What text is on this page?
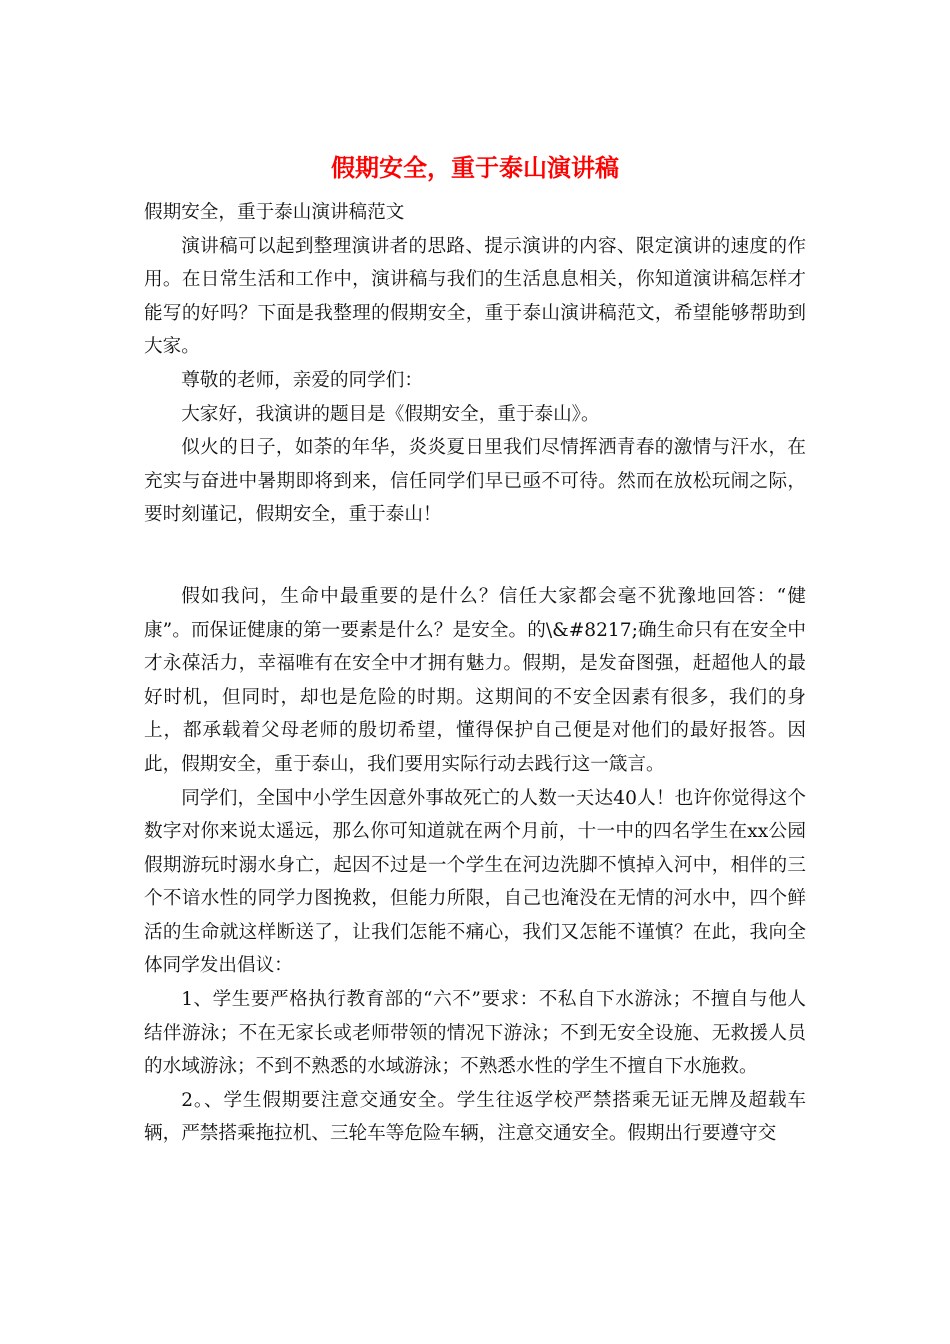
假期安全，重于泰山演讲稿

假期安全，重于泰山演讲稿范文

演讲稿可以起到整理演讲者的思路、提示演讲的内容、限定演讲的速度的作用。在日常生活和工作中，演讲稿与我们的生活息息相关，你知道演讲稿怎样才能写的好吗？下面是我整理的假期安全，重于泰山演讲稿范文，希望能够帮助到大家。

尊敬的老师，亲爱的同学们：

大家好，我演讲的题目是《假期安全，重于泰山》。

似火的日子，如荼的年华，炎炎夏日里我们尽情挥洒青春的激情与汗水，在充实与奋进中暑期即将到来，信任同学们早已亟不可待。然而在放松玩闹之际，要时刻谨记，假期安全，重于泰山！

假如我问，生命中最重要的是什么？信任大家都会毫不犹豫地回答：“健康”。而保证健康的第一要素是什么？是安全。的\&#8217;确生命只有在安全中才永葆活力，幸福唯有在安全中才拥有魅力。假期，是发奋图强，赶超他人的最好时机，但同时，却也是危险的时期。这期间的不安全因素有很多，我们的身上，都承载着父母老师的殷切希望，懂得保护自己便是对他们的最好报答。因此，假期安全，重于泰山，我们要用实际行动去践行这一箴言。

同学们，全国中小学生因意外事故死亡的人数一天达40人！也许你觉得这个数字对你来说太遥远，那么你可知道就在两个月前，十一中的四名学生在xx公园假期游玩时溺水身亡，起因不过是一个学生在河边洗脚不慎掉入河中，相伴的三个不谙水性的同学力图挽救，但能力所限，自己也淹没在无情的河水中，四个鲜活的生命就这样断送了，让我们怎能不痛心，我们又怎能不谨慎？在此，我向全体同学发出倡议：

1、学生要严格执行教育部的“六不”要求：不私自下水游泳；不擅自与他人结伴游泳；不在无家长或老师带领的情况下游泳；不到无安全设施、无救援人员的水域游泳；不到不熟悉的水域游泳；不熟悉水性的学生不擅自下水施救。

2。、学生假期要注意交通安全。学生往返学校严禁搭乘无证无牌及超载车辆，严禁搭乘拖拉机、三轮车等危险车辆，注意交通安全。假期出行要遵守交
